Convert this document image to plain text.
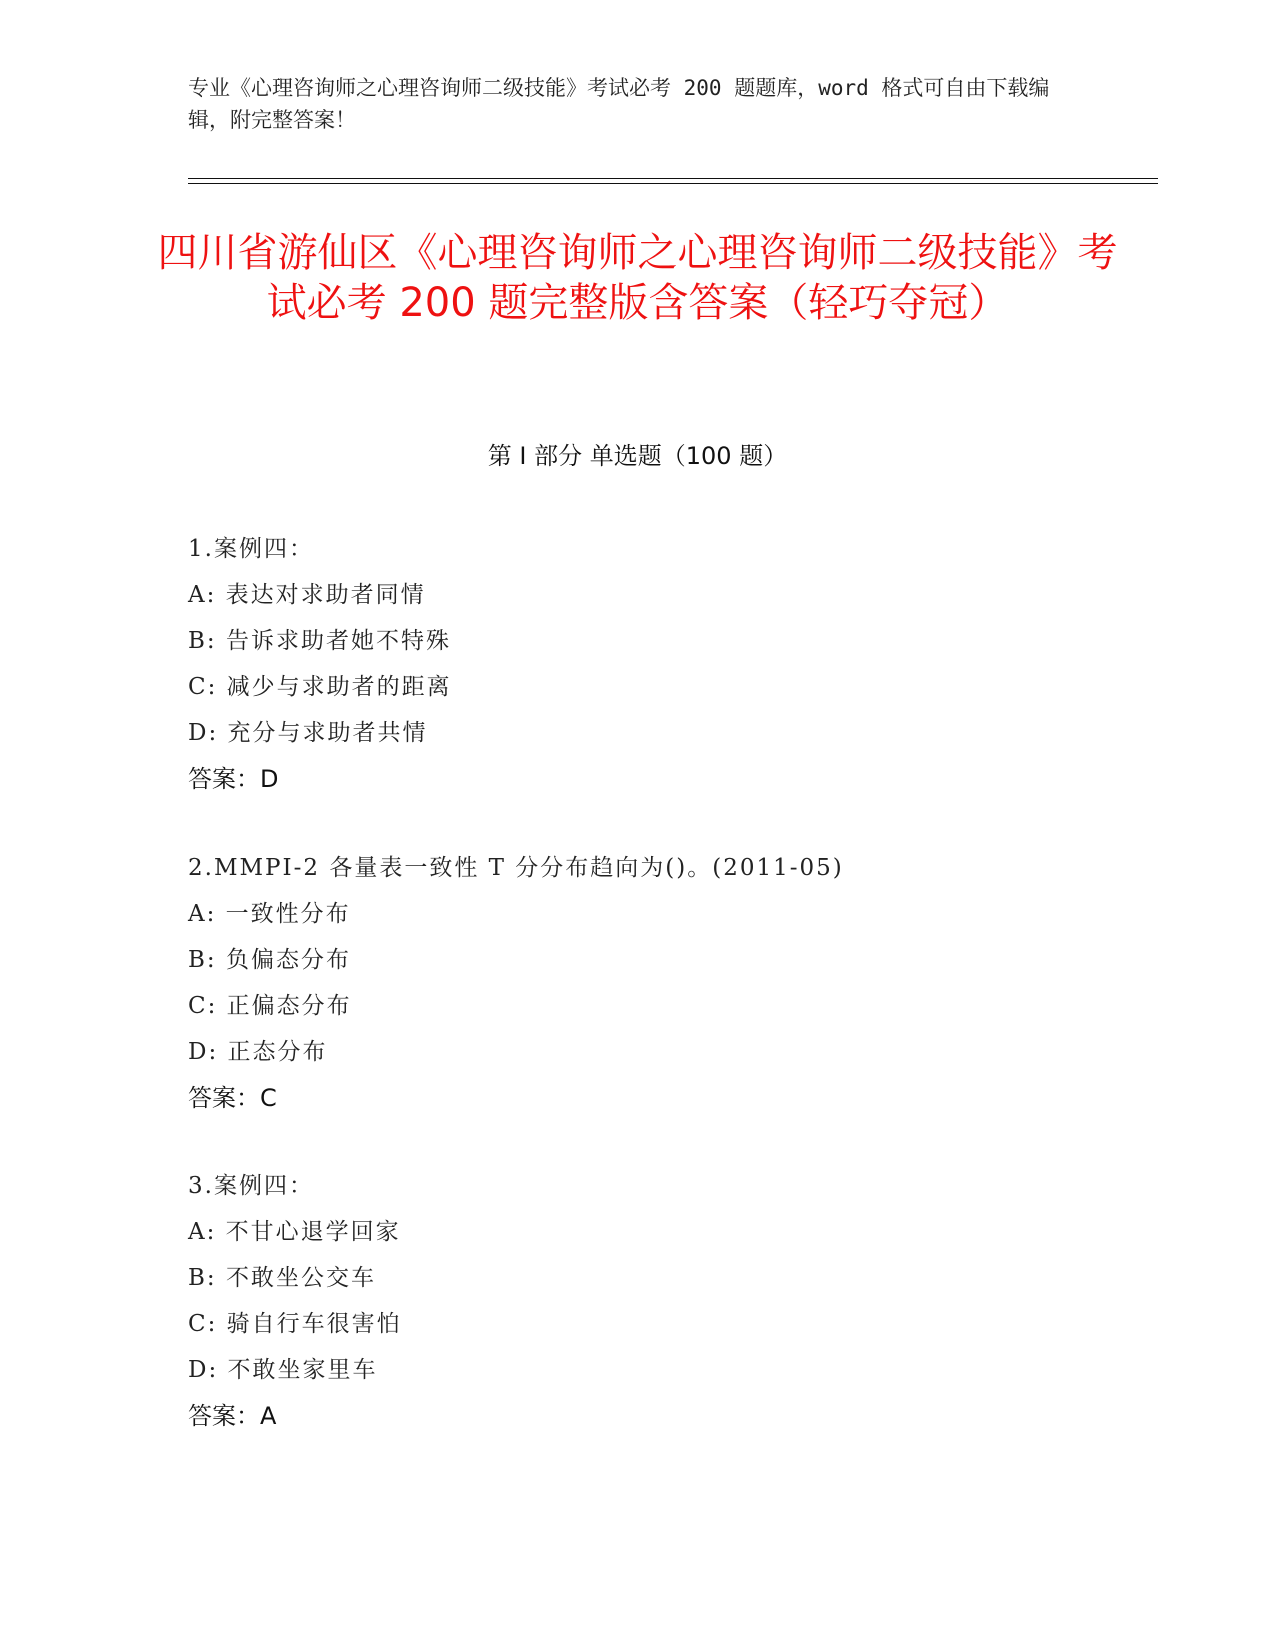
专业《心理咨询师之心理咨询师二级技能》考试必考 200 题题库，word 格式可自由下载编辑，附完整答案！
四川省游仙区《心理咨询师之心理咨询师二级技能》考试必考 200 题完整版含答案（轻巧夺冠）
第 I 部分 单选题（100 题）
1.案例四：
A: 表达对求助者同情
B: 告诉求助者她不特殊
C: 减少与求助者的距离
D: 充分与求助者共情
答案：D
2.MMPI-2 各量表一致性 T 分分布趋向为()。(2011-05)
A: 一致性分布
B: 负偏态分布
C: 正偏态分布
D: 正态分布
答案：C
3.案例四：
A: 不甘心退学回家
B: 不敢坐公交车
C: 骑自行车很害怕
D: 不敢坐家里车
答案：A
